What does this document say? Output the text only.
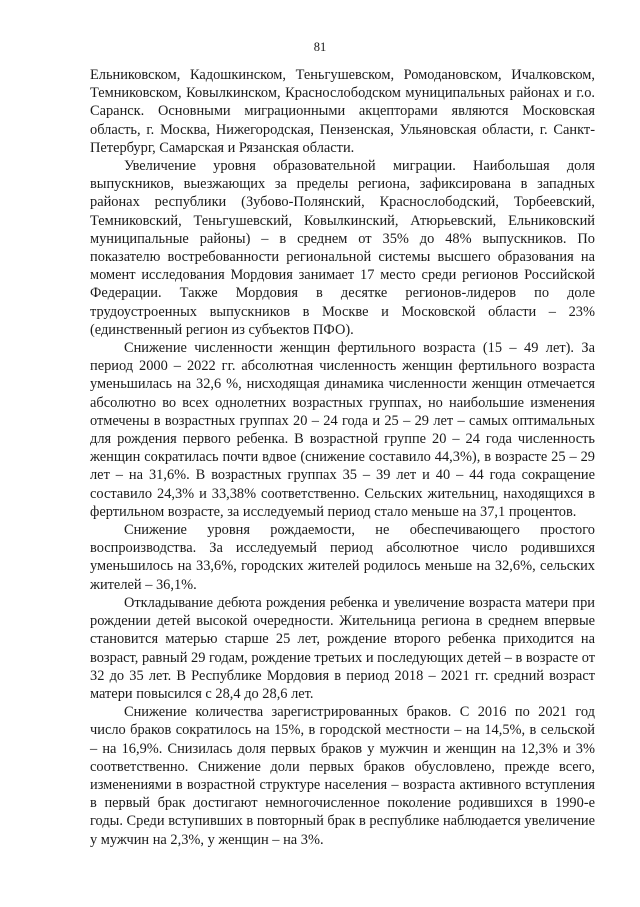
81

Ельниковском, Кадошкинском, Теньгушевском, Ромодановском, Ичалковском, Темниковском, Ковылкинском, Краснослободском муниципальных районах и г.о. Саранск. Основными миграционными акцепторами являются Московская область, г. Москва, Нижегородская, Пензенская, Ульяновская области, г. Санкт-Петербург, Самарская и Рязанская области.

Увеличение уровня образовательной миграции. Наибольшая доля выпускников, выезжающих за пределы региона, зафиксирована в западных районах республики (Зубово-Полянский, Краснослободский, Торбеевский, Темниковский, Теньгушевский, Ковылкинский, Атюрьевский, Ельниковский муниципальные районы) – в среднем от 35% до 48% выпускников. По показателю востребованности региональной системы высшего образования на момент исследования Мордовия занимает 17 место среди регионов Российской Федерации. Также Мордовия в десятке регионов-лидеров по доле трудоустроенных выпускников в Москве и Московской области – 23% (единственный регион из субъектов ПФО).

Снижение численности женщин фертильного возраста (15 – 49 лет). За период 2000 – 2022 гг. абсолютная численность женщин фертильного возраста уменьшилась на 32,6 %, нисходящая динамика численности женщин отмечается абсолютно во всех однолетних возрастных группах, но наибольшие изменения отмечены в возрастных группах 20 – 24 года и 25 – 29 лет – самых оптимальных для рождения первого ребенка. В возрастной группе 20 – 24 года численность женщин сократилась почти вдвое (снижение составило 44,3%), в возрасте 25 – 29 лет – на 31,6%. В возрастных группах 35 – 39 лет и 40 – 44 года сокращение составило 24,3% и 33,38% соответственно. Сельских жительниц, находящихся в фертильном возрасте, за исследуемый период стало меньше на 37,1 процентов.

Снижение уровня рождаемости, не обеспечивающего простого воспроизводства. За исследуемый период абсолютное число родившихся уменьшилось на 33,6%, городских жителей родилось меньше на 32,6%, сельских жителей – 36,1%.

Откладывание дебюта рождения ребенка и увеличение возраста матери при рождении детей высокой очередности. Жительница региона в среднем впервые становится матерью старше 25 лет, рождение второго ребенка приходится на возраст, равный 29 годам, рождение третьих и последующих детей – в возрасте от 32 до 35 лет. В Республике Мордовия в период 2018 – 2021 гг. средний возраст матери повысился с 28,4 до 28,6 лет.

Снижение количества зарегистрированных браков. С 2016 по 2021 год число браков сократилось на 15%, в городской местности – на 14,5%, в сельской – на 16,9%. Снизилась доля первых браков у мужчин и женщин на 12,3% и 3% соответственно. Снижение доли первых браков обусловлено, прежде всего, изменениями в возрастной структуре населения – возраста активного вступления в первый брак достигают немногочисленное поколение родившихся в 1990-е годы. Среди вступивших в повторный брак в республике наблюдается увеличение у мужчин на 2,3%, у женщин – на 3%.
